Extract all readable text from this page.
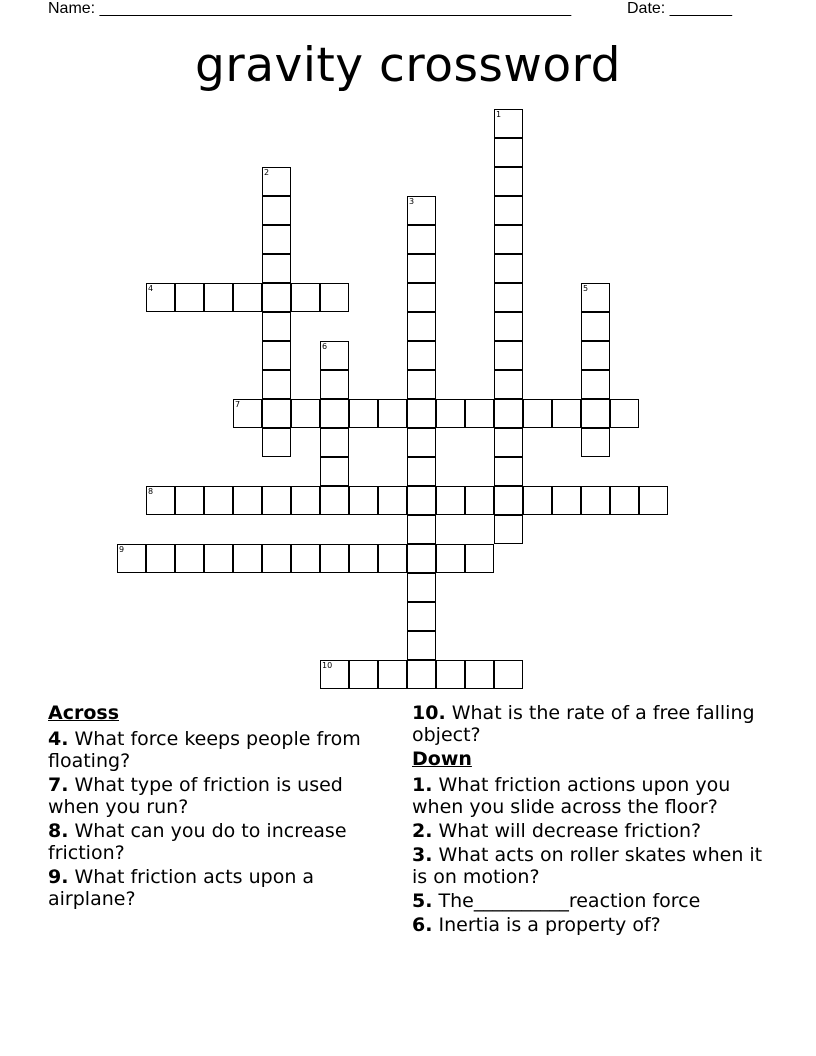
Name: _____________________________________________________	Date: _______
gravity crossword
1
2
3
4	5
6
7
8
9
10
Across
4. What force keeps people from floating?
7. What type of friction is used when you run?
8. What can you do to increase friction?
9. What friction acts upon a airplane?
10. What is the rate of a free falling object?
Down
1. What friction actions upon you when you slide across the floor?
2. What will decrease friction?
3. What acts on roller skates when it is on motion?
5. The__________reaction force
6. Inertia is a property of?
